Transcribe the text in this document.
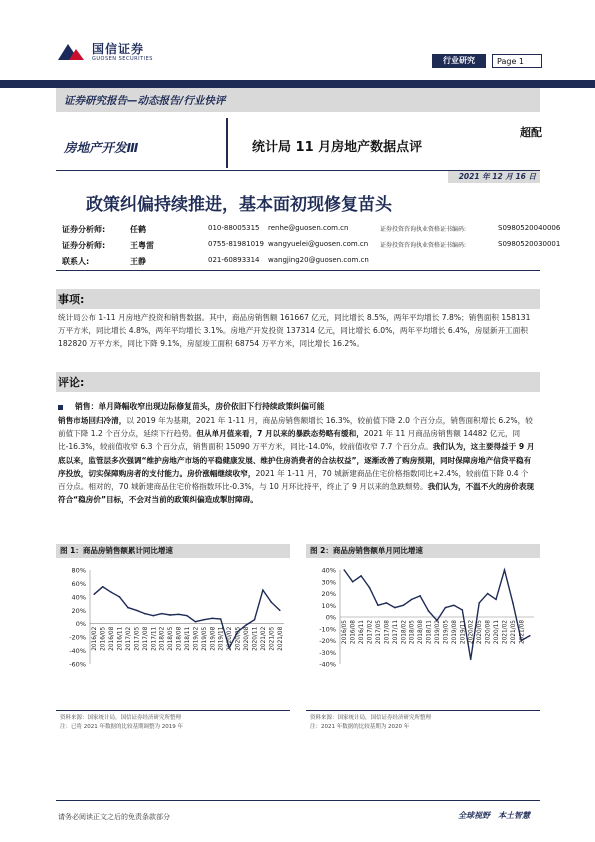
国信证券
GUOSEN SECURITIES	行业研究	Page 1
证券研究报告—动态报告/行业快评
房地产开发Ⅲ	统计局 11 月房地产数据点评
超配
2021 年 12 月 16 日
政策纠偏持续推进，基本面初现修复苗头
证券分析师:	任鹤	010-88005315	renhe@guosen.com.cn	证券投资咨询执业资格证书编码:	S0980520040006
证券分析师:	王粤雷	0755-81981019 wangyuelei@guosen.com.cn	证券投资咨询执业资格证书编码:	S0980520030001
联系人:	王静	021-60893314	wangjing20@guosen.com.cn
事项:
统计局公布 1-11 月房地产投资和销售数据。其中，商品房销售额 161667 亿元，同比增长 8.5%，两年平均增长 7.8%；销售面积 158131 万平方米，同比增长 4.8%，两年平均增长 3.1%。房地产开发投资 137314 亿元，同比增长 6.0%，两年平均增长 6.4%，房屋新开工面积 182820 万平方米，同比下降 9.1%，房屋竣工面积 68754 万平方米，同比增长 16.2%。
评论:
销售：单月降幅收窄出现边际修复苗头，房价依旧下行持续政策纠偏可能
销售市场回归冷清，以 2019 年为基期，2021 年 1-11 月，商品房销售额增长 16.3%，较前值下降 2.0 个百分点，销售面积增长 6.2%，较前值下降 1.2 个百分点，延续下行趋势。但从单月值来看，7 月以来的暴跌态势略有缓和，2021 年 11 月商品房销售额 14482 亿元，同比-16.3%，较前值收窄 6.3 个百分点，销售面积 15090 万平方米，同比-14.0%，较前值收窄 7.7 个百分点。我们认为，这主要得益于 9 月底以来，监管层多次强调“维护房地产市场的平稳健康发展、维护住房消费者的合法权益”，逐渐改善了购房预期，同时保障房地产信贷平稳有序投放，切实保障购房者的支付能力。房价涨幅继续收窄，2021 年 1-11 月，70 城新建商品住宅价格指数同比+2.4%，较前值下降 0.4 个百分点。相对的，70 城新建商品住宅价格指数环比-0.3%，与 10 月环比持平，终止了 9 月以来的急跌颓势。我们认为，不温不火的房价表现符合“稳房价”目标，不会对当前的政策纠偏造成掣肘障碍。
图 1：商品房销售额累计同比增速	图 2：商品房销售额单月同比增速
80%
60%
40%
20%
0%
-20%
-40%
-60%
2016/02 2016/05 2016/08 2016/11 2017/02 2017/05 2017/08 2017/11 2018/02 2018/05 2018/08 2018/11 2019/02 2019/05 2019/08 2019/11 2020/02 2020/05 2020/08 2020/11 2021/02 2021/05 2021/08
40%
30%
20%
10%
0%
-10%
-20%
-30%
-40%
2016/05 2016/08 2016/11 2017/02 2017/05 2017/08 2017/11 2018/02 2018/05 2018/08 2018/11 2019/02 2019/05 2019/08 2019/11 2020/02 2020/05 2020/08 2020/11 2021/02 2021/05 2021/08
资料来源：国家统计局，国信证券经济研究所整理
注：已将 2021 年数据的比较基期调整为 2019 年
资料来源：国家统计局，国信证券经济研究所整理
注：2021 年数据的比较基期为 2020 年
请务必阅读正文之后的免责条款部分	全球视野　本土智慧
